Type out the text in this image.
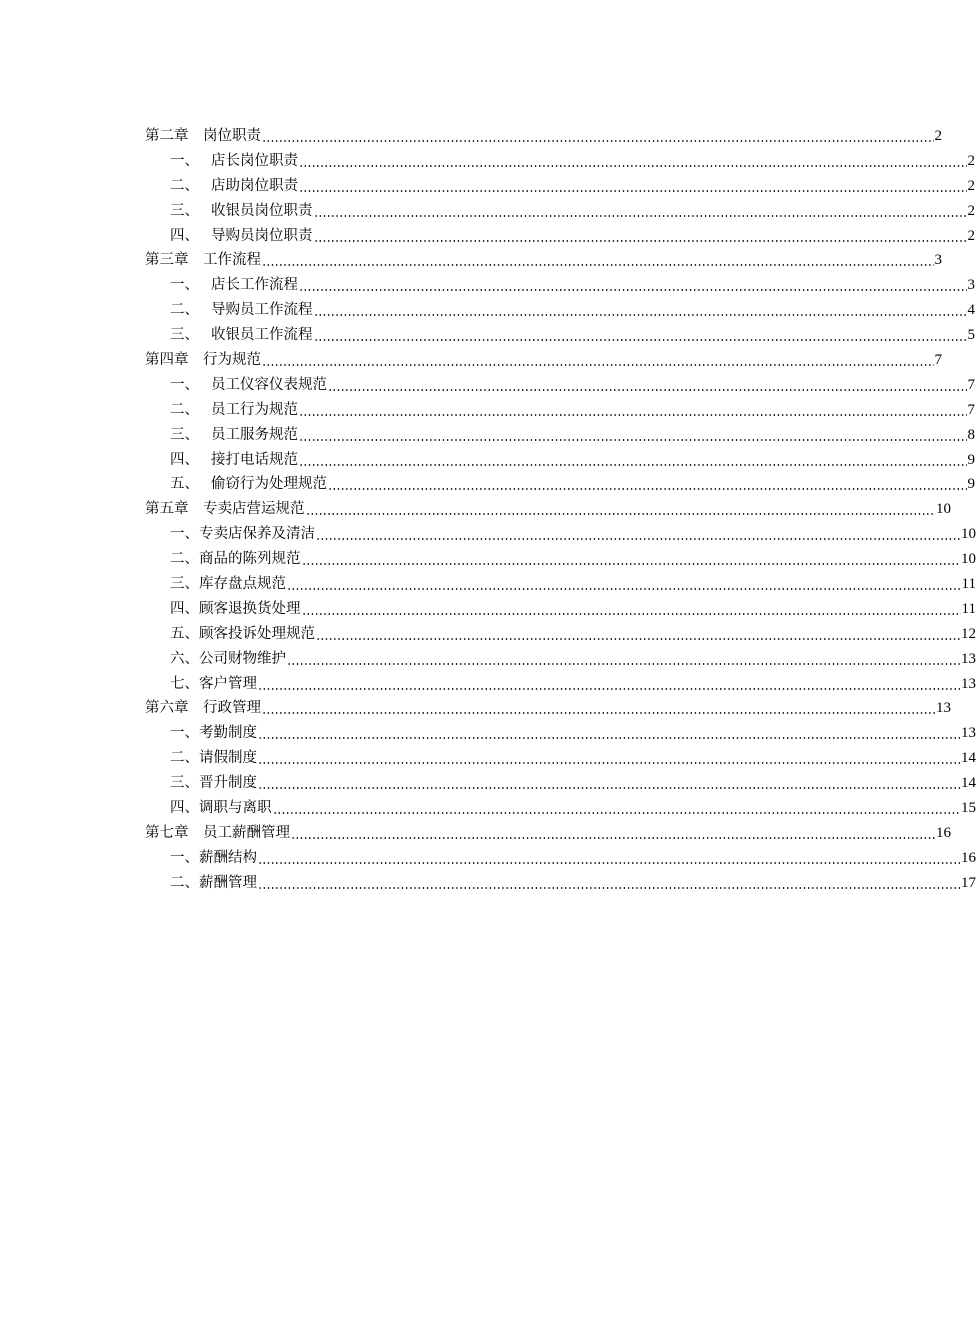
第二章	岗位职责	2
一、 店长岗位职责	2
二、 店助岗位职责	2
三、 收银员岗位职责	2
四、 导购员岗位职责	2
第三章	工作流程	3
一、 店长工作流程	3
二、 导购员工作流程	4
三、 收银员工作流程	5
第四章	行为规范	7
一、 员工仪容仪表规范	7
二、 员工行为规范	7
三、 员工服务规范	8
四、 接打电话规范	9
五、 偷窃行为处理规范	9
第五章	专卖店营运规范	10
一、 专卖店保养及清洁	10
二、 商品的陈列规范	10
三、 库存盘点规范	11
四、 顾客退换货处理	11
五、 顾客投诉处理规范	12
六、 公司财物维护	13
七、 客户管理	13
第六章	行政管理	13
一、 考勤制度	13
二、 请假制度	14
三、 晋升制度	14
四、 调职与离职	15
第七章	员工薪酬管理	16
一、 薪酬结构	16
二、 薪酬管理	17
